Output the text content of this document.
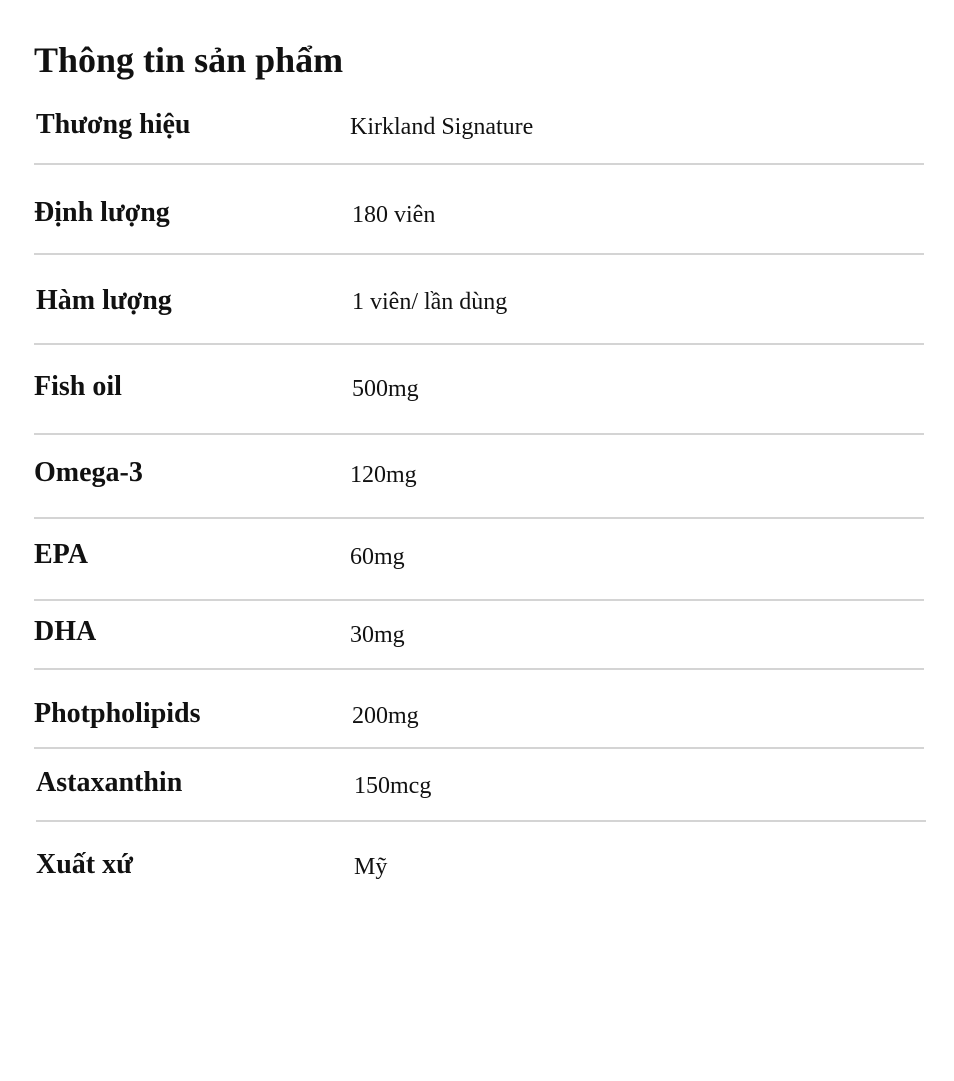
Thông tin sản phẩm
Thương hiệu	Kirkland Signature
Định lượng	180 viên
Hàm lượng	1 viên/ lần dùng
Fish oil	500mg
Omega-3	120mg
EPA	60mg
DHA	30mg
Photpholipids	200mg
Astaxanthin	150mcg
Xuất xứ	Mỹ
